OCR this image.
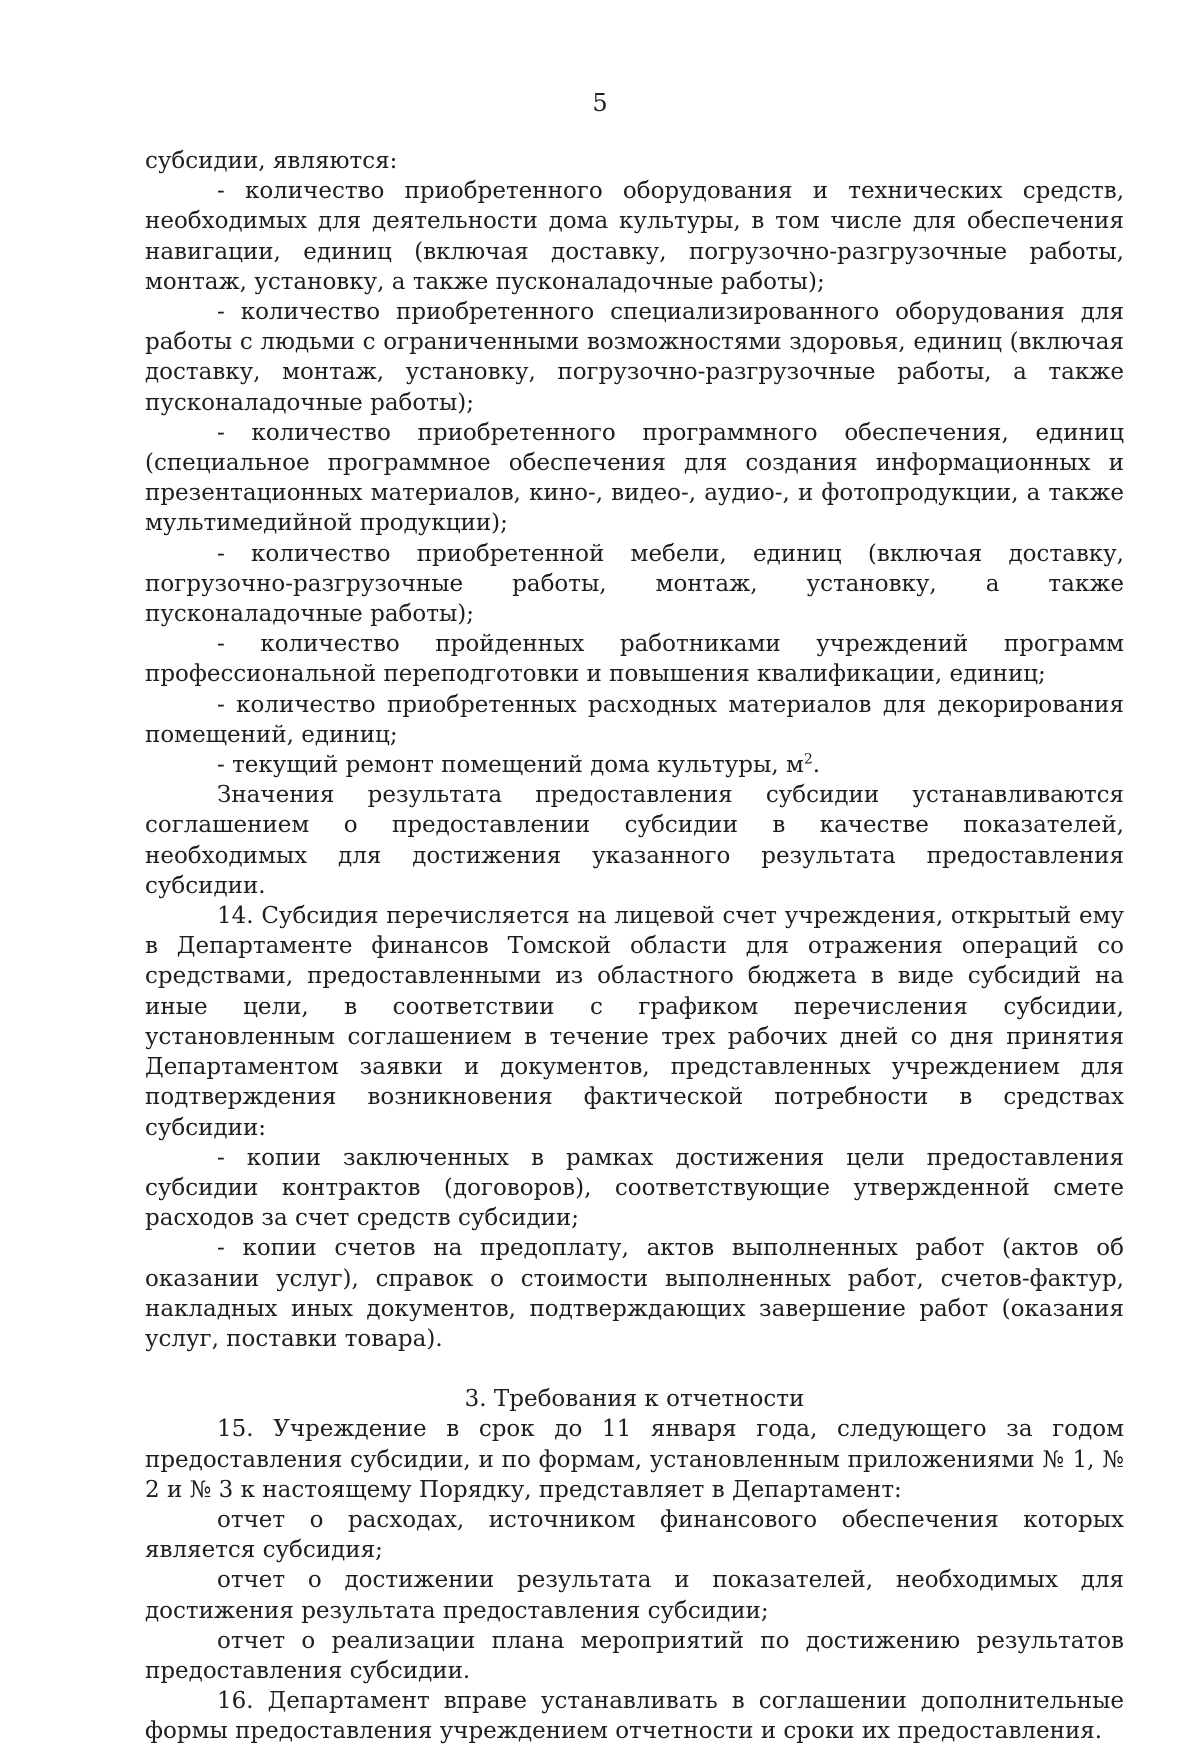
5

субсидии, являются:

- количество приобретенного оборудования и технических средств, необходимых для деятельности дома культуры, в том числе для обеспечения навигации, единиц (включая доставку, погрузочно-разгрузочные работы, монтаж, установку, а также пусконаладочные работы);

- количество приобретенного специализированного оборудования для работы с людьми с ограниченными возможностями здоровья, единиц (включая доставку, монтаж, установку, погрузочно-разгрузочные работы, а также пусконаладочные работы);

- количество приобретенного программного обеспечения, единиц (специальное программное обеспечения для создания информационных и презентационных материалов, кино-, видео-, аудио-, и фотопродукции, а также мультимедийной продукции);

- количество приобретенной мебели, единиц (включая доставку, погрузочно-разгрузочные работы, монтаж, установку, а также пусконаладочные работы);

- количество пройденных работниками учреждений программ профессиональной переподготовки и повышения квалификации, единиц;

- количество приобретенных расходных материалов для декорирования помещений, единиц;

- текущий ремонт помещений дома культуры, $м^2$.

Значения результата предоставления субсидии устанавливаются соглашением о предоставлении субсидии в качестве показателей, необходимых для достижения указанного результата предоставления субсидии.

14. Субсидия перечисляется на лицевой счет учреждения, открытый ему в Департаменте финансов Томской области для отражения операций со средствами, предоставленными из областного бюджета в виде субсидий на иные цели, в соответствии с графиком перечисления субсидии, установленным соглашением в течение трех рабочих дней со дня принятия Департаментом заявки и документов, представленных учреждением для подтверждения возникновения фактической потребности в средствах субсидии:

- копии заключенных в рамках достижения цели предоставления субсидии контрактов (договоров), соответствующие утвержденной смете расходов за счет средств субсидии;

- копии счетов на предоплату, актов выполненных работ (актов об оказании услуг), справок о стоимости выполненных работ, счетов-фактур, накладных иных документов, подтверждающих завершение работ (оказания услуг, поставки товара).

3. Требования к отчетности

15. Учреждение в срок до 11 января года, следующего за годом предоставления субсидии, и по формам, установленным приложениями № 1, № 2 и № 3 к настоящему Порядку, представляет в Департамент:

отчет о расходах, источником финансового обеспечения которых является субсидия;

отчет о достижении результата и показателей, необходимых для достижения результата предоставления субсидии;

отчет о реализации плана мероприятий по достижению результатов предоставления субсидии.

16. Департамент вправе устанавливать в соглашении дополнительные формы предоставления учреждением отчетности и сроки их предоставления.
